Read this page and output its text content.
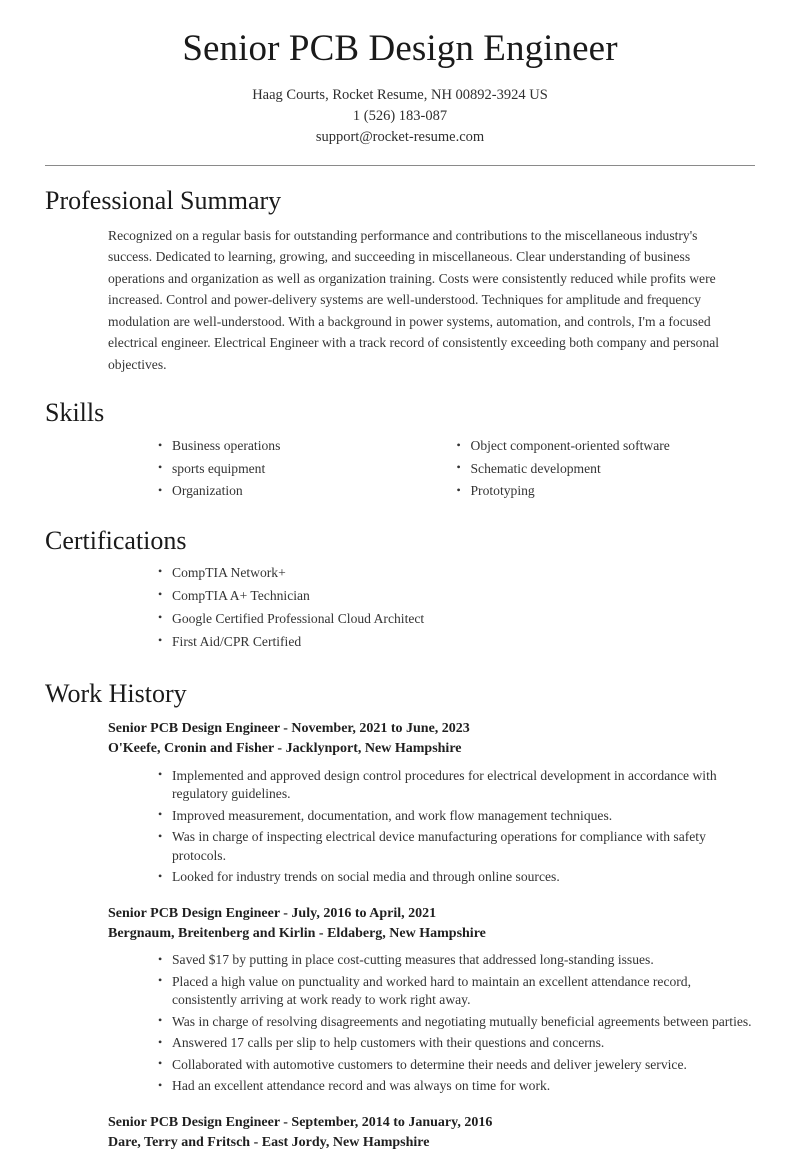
Senior PCB Design Engineer

Haag Courts, Rocket Resume, NH 00892-3924 US

1 (526) 183-087

support@rocket-resume.com

Professional Summary

Recognized on a regular basis for outstanding performance and contributions to the miscellaneous industry's success. Dedicated to learning, growing, and succeeding in miscellaneous. Clear understanding of business operations and organization as well as organization training. Costs were consistently reduced while profits were increased. Control and power-delivery systems are well-understood. Techniques for amplitude and frequency modulation are well-understood. With a background in power systems, automation, and controls, I'm a focused electrical engineer. Electrical Engineer with a track record of consistently exceeding both company and personal objectives.

Skills
• Business operations
• sports equipment
• Organization
• Object component-oriented software
• Schematic development
• Prototyping
Certifications
• CompTIA Network+
• CompTIA A+ Technician
• Google Certified Professional Cloud Architect
• First Aid/CPR Certified
Work History
Senior PCB Design Engineer - November, 2021 to June, 2023
O'Keefe, Cronin and Fisher - Jacklynport, New Hampshire
• Implemented and approved design control procedures for electrical development in accordance with regulatory guidelines.
• Improved measurement, documentation, and work flow management techniques.
• Was in charge of inspecting electrical device manufacturing operations for compliance with safety protocols.
• Looked for industry trends on social media and through online sources.
Senior PCB Design Engineer - July, 2016 to April, 2021
Bergnaum, Breitenberg and Kirlin - Eldaberg, New Hampshire
• Saved $17 by putting in place cost-cutting measures that addressed long-standing issues.
• Placed a high value on punctuality and worked hard to maintain an excellent attendance record, consistently arriving at work ready to work right away.
• Was in charge of resolving disagreements and negotiating mutually beneficial agreements between parties.
• Answered 17 calls per slip to help customers with their questions and concerns.
• Collaborated with automotive customers to determine their needs and deliver jewelery service.
• Had an excellent attendance record and was always on time for work.
Senior PCB Design Engineer - September, 2014 to January, 2016
Dare, Terry and Fritsch - East Jordy, New Hampshire
